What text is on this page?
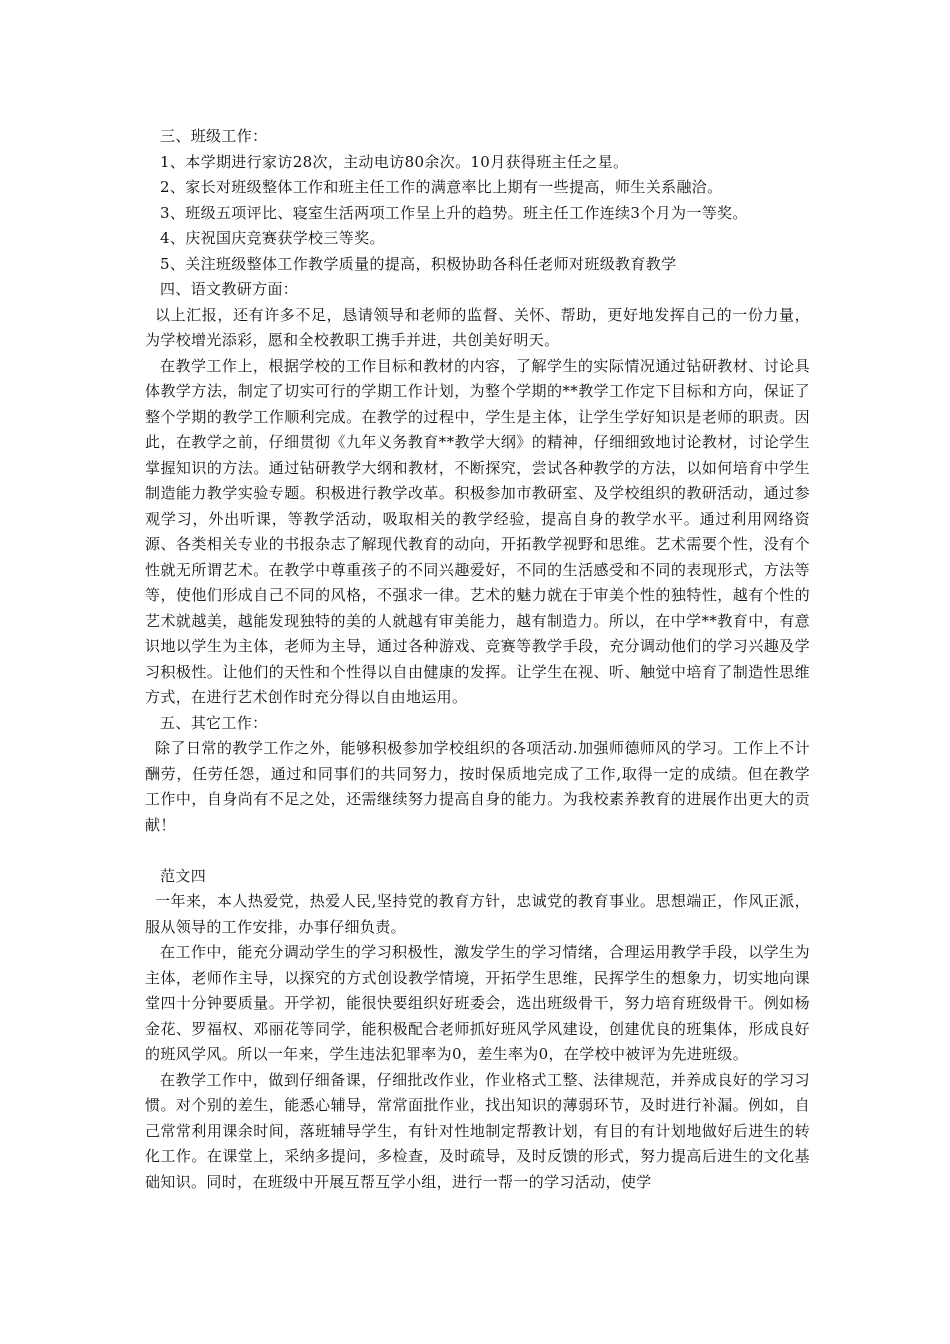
三、班级工作：

1、本学期进行家访28次，主动电访80余次。10月获得班主任之星。

2、家长对班级整体工作和班主任工作的满意率比上期有一些提高，师生关系融洽。

3、班级五项评比、寝室生活两项工作呈上升的趋势。班主任工作连续3个月为一等奖。

4、庆祝国庆竞赛获学校三等奖。

5、关注班级整体工作教学质量的提高，积极协助各科任老师对班级教育教学

四、语文教研方面：

以上汇报，还有许多不足，恳请领导和老师的监督、关怀、帮助，更好地发挥自己的一份力量，为学校增光添彩，愿和全校教职工携手并进，共创美好明天。

在教学工作上，根据学校的工作目标和教材的内容，了解学生的实际情况通过钻研教材、讨论具体教学方法，制定了切实可行的学期工作计划，为整个学期的**教学工作定下目标和方向，保证了整个学期的教学工作顺利完成。在教学的过程中，学生是主体，让学生学好知识是老师的职责。因此，在教学之前，仔细贯彻《九年义务教育**教学大纲》的精神，仔细细致地讨论教材，讨论学生掌握知识的方法。通过钻研教学大纲和教材，不断探究，尝试各种教学的方法，以如何培育中学生制造能力教学实验专题。积极进行教学改革。积极参加市教研室、及学校组织的教研活动，通过参观学习，外出听课，等教学活动，吸取相关的教学经验，提高自身的教学水平。通过利用网络资源、各类相关专业的书报杂志了解现代教育的动向，开拓教学视野和思维。艺术需要个性，没有个性就无所谓艺术。在教学中尊重孩子的不同兴趣爱好，不同的生活感受和不同的表现形式，方法等等，使他们形成自己不同的风格，不强求一律。艺术的魅力就在于审美个性的独特性，越有个性的艺术就越美，越能发现独特的美的人就越有审美能力，越有制造力。所以，在中学**教育中，有意识地以学生为主体，老师为主导，通过各种游戏、竞赛等教学手段，充分调动他们的学习兴趣及学习积极性。让他们的天性和个性得以自由健康的发挥。让学生在视、听、触觉中培育了制造性思维方式，在进行艺术创作时充分得以自由地运用。

五、其它工作：

除了日常的教学工作之外，能够积极参加学校组织的各项活动.加强师德师风的学习。工作上不计酬劳，任劳任怨，通过和同事们的共同努力，按时保质地完成了工作,取得一定的成绩。但在教学工作中，自身尚有不足之处，还需继续努力提高自身的能力。为我校素养教育的进展作出更大的贡献！

范文四

一年来，本人热爱党，热爱人民,坚持党的教育方针，忠诚党的教育事业。思想端正，作风正派，服从领导的工作安排，办事仔细负责。

在工作中，能充分调动学生的学习积极性，激发学生的学习情绪，合理运用教学手段，以学生为主体，老师作主导，以探究的方式创设教学情境，开拓学生思维，民挥学生的想象力，切实地向课堂四十分钟要质量。开学初，能很快要组织好班委会，选出班级骨干，努力培育班级骨干。例如杨金花、罗福权、邓丽花等同学，能积极配合老师抓好班风学风建设，创建优良的班集体，形成良好的班风学风。所以一年来，学生违法犯罪率为0，差生率为0，在学校中被评为先进班级。

在教学工作中，做到仔细备课，仔细批改作业，作业格式工整、法律规范，并养成良好的学习习惯。对个别的差生，能悉心辅导，常常面批作业，找出知识的薄弱环节，及时进行补漏。例如，自己常常利用课余时间，落班辅导学生，有针对性地制定帮教计划，有目的有计划地做好后进生的转化工作。在课堂上，采纳多提问，多检查，及时疏导，及时反馈的形式，努力提高后进生的文化基础知识。同时，在班级中开展互帮互学小组，进行一帮一的学习活动，使学
